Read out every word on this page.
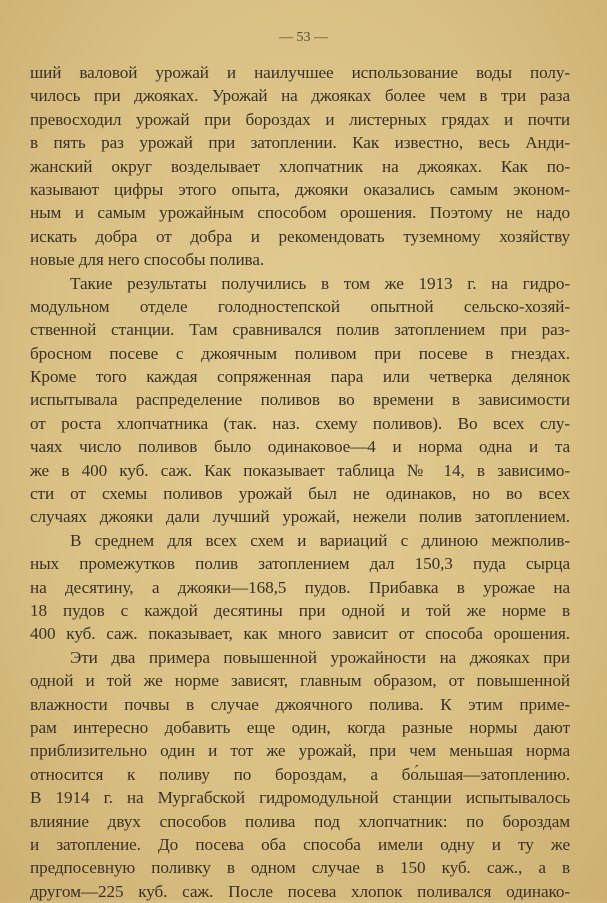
— 53 —
ший валовой урожай и наилучшее использование воды полу-
чилось при джояках. Урожай на джояках более чем в три раза
превосходил урожай при бороздах и листерных грядах и почти
в пять раз урожай при затоплении. Как известно, весь Анди-
жанский округ возделывает хлопчатник на джояках. Как по-
казывают цифры этого опыта, джояки оказались самым эконом-
ным и самым урожайным способом орошения. Поэтому не надо
искать добра от добра и рекомендовать туземному хозяйству
новые для него способы полива.
Такие результаты получились в том же 1913 г. на гидро-
модульном отделе голодностепской опытной сельско-хозяй-
ственной станции. Там сравнивался полив затоплением при раз-
бросном посеве с джоячным поливом при посеве в гнездах.
Кроме того каждая сопряженная пара или четверка делянок
испытывала распределение поливов во времени в зависимости
от роста хлопчатника (так. наз. схему поливов). Во всех слу-
чаях число поливов было одинаковое—4 и норма одна и та
же в 400 куб. саж. Как показывает таблица № 14, в зависимо-
сти от схемы поливов урожай был не одинаков, но во всех
случаях джояки дали лучший урожай, нежели полив затоплением.
В среднем для всех схем и вариаций с длиною межполив-
ных промежутков полив затоплением дал 150,3 пуда сырца
на десятину, а джояки—168,5 пудов. Прибавка в урожае на
18 пудов с каждой десятины при одной и той же норме в
400 куб. саж. показывает, как много зависит от способа орошения.
Эти два примера повышенной урожайности на джояках при
одной и той же норме зависят, главным образом, от повышенной
влажности почвы в случае джоячного полива. К этим приме-
рам интересно добавить еще один, когда разные нормы дают
приблизительно один и тот же урожай, при чем меньшая норма
относится к поливу по бороздам, а бо́льшая—затоплению.
В 1914 г. на Мургабской гидромодульной станции испытывалось
влияние двух способов полива под хлопчатник: по бороздам
и затопление. До посева оба способа имели одну и ту же
предпосевную поливку в одном случае в 150 куб. саж., а в
другом—225 куб. саж. После посева хлопок поливался одинако-
